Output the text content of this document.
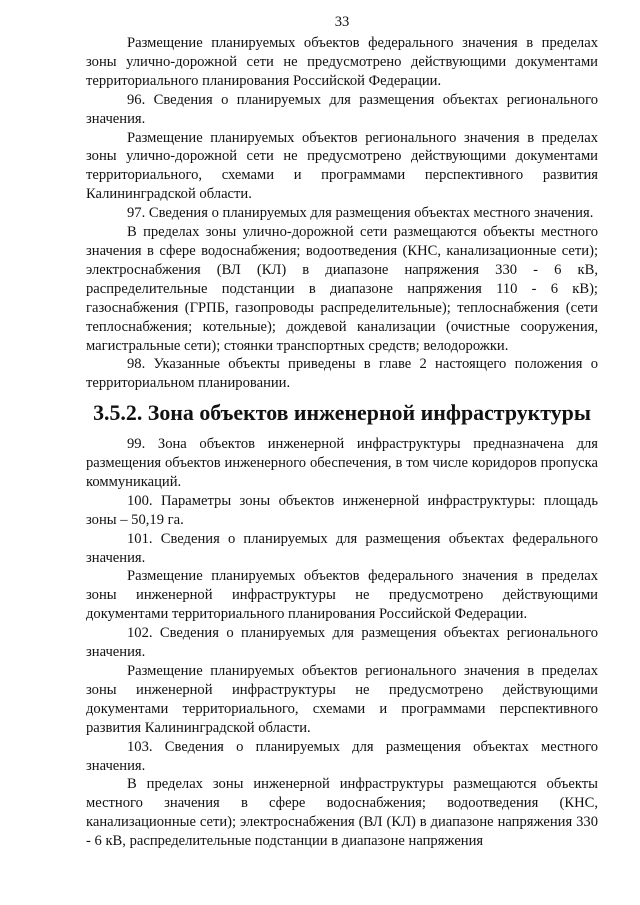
33

Размещение планируемых объектов федерального значения в пределах зоны улично-дорожной сети не предусмотрено действующими документами территориального планирования Российской Федерации.

96. Сведения о планируемых для размещения объектах регионального значения.

Размещение планируемых объектов регионального значения в пределах зоны улично-дорожной сети не предусмотрено действующими документами территориального, схемами и программами перспективного развития Калининградской области.

97. Сведения о планируемых для размещения объектах местного значения.

В пределах зоны улично-дорожной сети размещаются объекты местного значения в сфере водоснабжения; водоотведения (КНС, канализационные сети); электроснабжения (ВЛ (КЛ) в диапазоне напряжения 330 - 6 кВ, распределительные подстанции в диапазоне напряжения 110 - 6 кВ); газоснабжения (ГРПБ, газопроводы распределительные); теплоснабжения (сети теплоснабжения; котельные); дождевой канализации (очистные сооружения, магистральные сети); стоянки транспортных средств; велодорожки.

98. Указанные объекты приведены в главе 2 настоящего положения о территориальном планировании.

3.5.2. Зона объектов инженерной инфраструктуры

99. Зона объектов инженерной инфраструктуры предназначена для размещения объектов инженерного обеспечения, в том числе коридоров пропуска коммуникаций.

100. Параметры зоны объектов инженерной инфраструктуры: площадь зоны – 50,19 га.

101. Сведения о планируемых для размещения объектах федерального значения.

Размещение планируемых объектов федерального значения в пределах зоны инженерной инфраструктуры не предусмотрено действующими документами территориального планирования Российской Федерации.

102. Сведения о планируемых для размещения объектах регионального значения.

Размещение планируемых объектов регионального значения в пределах зоны инженерной инфраструктуры не предусмотрено действующими документами территориального, схемами и программами перспективного развития Калининградской области.

103. Сведения о планируемых для размещения объектах местного значения.

В пределах зоны инженерной инфраструктуры размещаются объекты местного значения в сфере водоснабжения; водоотведения (КНС, канализационные сети); электроснабжения (ВЛ (КЛ) в диапазоне напряжения 330 - 6 кВ, распределительные подстанции в диапазоне напряжения
